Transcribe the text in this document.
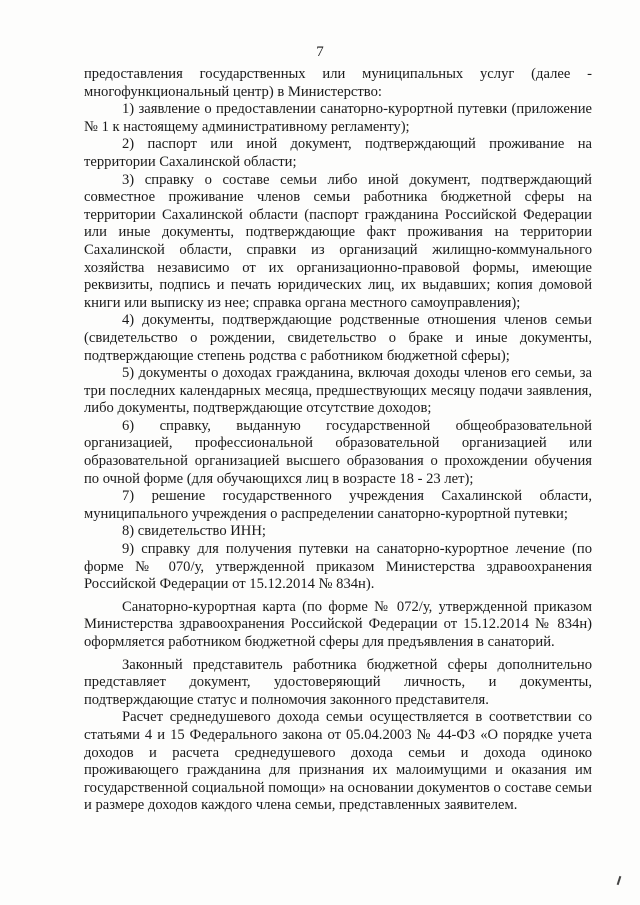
7

предоставления государственных или муниципальных услуг (далее - многофункциональный центр) в Министерство:

1) заявление о предоставлении санаторно-курортной путевки (приложение № 1 к настоящему административному регламенту);

2) паспорт или иной документ, подтверждающий проживание на территории Сахалинской области;

3) справку о составе семьи либо иной документ, подтверждающий совместное проживание членов семьи работника бюджетной сферы на территории Сахалинской области (паспорт гражданина Российской Федерации или иные документы, подтверждающие факт проживания на территории Сахалинской области, справки из организаций жилищно-коммунального хозяйства независимо от их организационно-правовой формы, имеющие реквизиты, подпись и печать юридических лиц, их выдавших; копия домовой книги или выписку из нее; справка органа местного самоуправления);

4) документы, подтверждающие родственные отношения членов семьи (свидетельство о рождении, свидетельство о браке и иные документы, подтверждающие степень родства с работником бюджетной сферы);

5) документы о доходах гражданина, включая доходы членов его семьи, за три последних календарных месяца, предшествующих месяцу подачи заявления, либо документы, подтверждающие отсутствие доходов;

6) справку, выданную государственной общеобразовательной организацией, профессиональной образовательной организацией или образовательной организацией высшего образования о прохождении обучения по очной форме (для обучающихся лиц в возрасте 18 - 23 лет);

7) решение государственного учреждения Сахалинской области, муниципального учреждения о распределении санаторно-курортной путевки;

8) свидетельство ИНН;

9) справку для получения путевки на санаторно-курортное лечение (по форме № 070/у, утвержденной приказом Министерства здравоохранения Российской Федерации от 15.12.2014 № 834н).

Санаторно-курортная карта (по форме № 072/у, утвержденной приказом Министерства здравоохранения Российской Федерации от 15.12.2014 № 834н) оформляется работником бюджетной сферы для предъявления в санаторий.

Законный представитель работника бюджетной сферы дополнительно представляет документ, удостоверяющий личность, и документы, подтверждающие статус и полномочия законного представителя.

Расчет среднедушевого дохода семьи осуществляется в соответствии со статьями 4 и 15 Федерального закона от 05.04.2003 № 44-ФЗ «О порядке учета доходов и расчета среднедушевого дохода семьи и дохода одиноко проживающего гражданина для признания их малоимущими и оказания им государственной социальной помощи» на основании документов о составе семьи и размере доходов каждого члена семьи, представленных заявителем.
